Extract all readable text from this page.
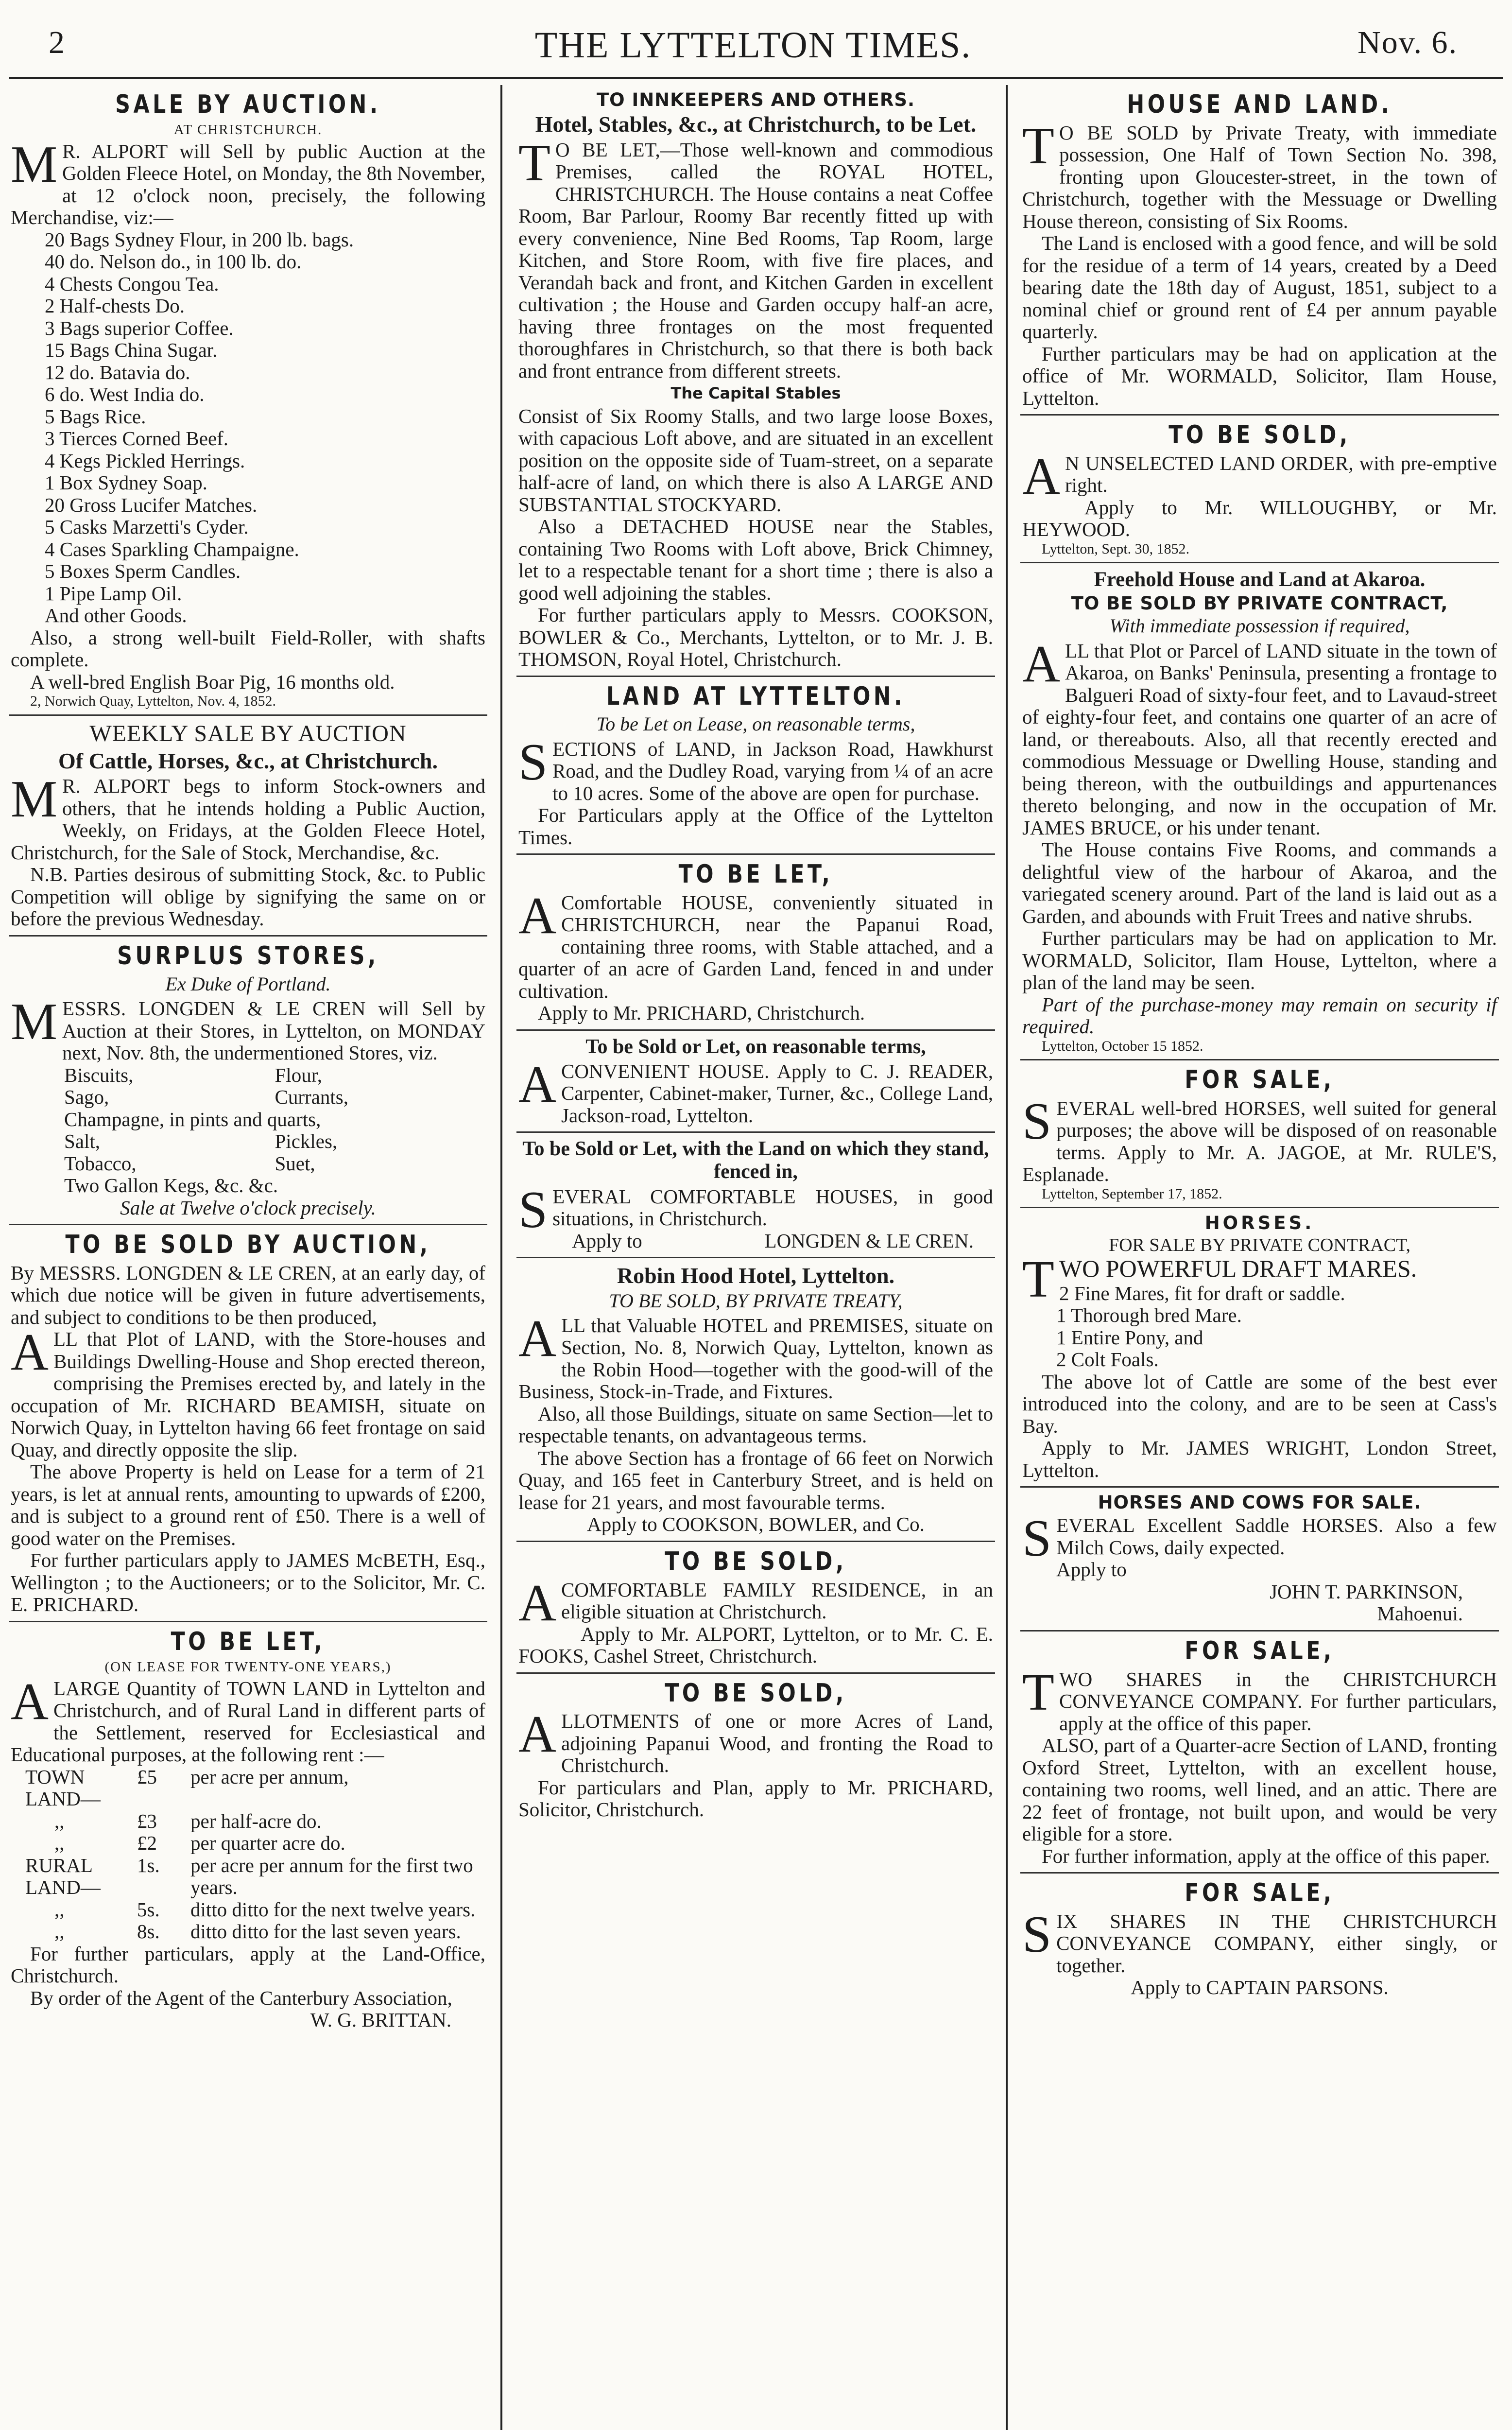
2	THE LYTTELTON TIMES.	Nov. 6.
SALE BY AUCTION.
AT CHRISTCHURCH.

M R. ALPORT will Sell by public Auction at the Golden Fleece Hotel, on Monday, the 8th November, at 12 o'clock noon, precisely, the following Merchandise, viz:—

20 Bags Sydney Flour, in 200 lb. bags.
40 do. Nelson do., in 100 lb. do.
4 Chests Congou Tea.
2 Half-chests Do.
3 Bags superior Coffee.
15 Bags China Sugar.
12 do. Batavia do.
6 do. West India do.
5 Bags Rice.
3 Tierces Corned Beef.
4 Kegs Pickled Herrings.
1 Box Sydney Soap.
20 Gross Lucifer Matches.
5 Casks Marzetti's Cyder.
4 Cases Sparkling Champaigne.
5 Boxes Sperm Candles.
1 Pipe Lamp Oil.
And other Goods.

Also, a strong well-built Field-Roller, with shafts complete.

A well-bred English Boar Pig, 16 months old.

2, Norwich Quay, Lyttelton, Nov. 4, 1852.

WEEKLY SALE BY AUCTION
Of Cattle, Horses, &c., at Christchurch.

M R. ALPORT begs to inform Stock-owners and others, that he intends holding a Public Auction, Weekly, on Fridays, at the Golden Fleece Hotel, Christchurch, for the Sale of Stock, Merchandise, &c.

N.B. Parties desirous of submitting Stock, &c. to Public Competition will oblige by signifying the same on or before the previous Wednesday.

SURPLUS STORES,
Ex Duke of Portland.

MESSRS. LONGDEN & LE CREN will Sell by Auction at their Stores, in Lyttelton, on MONDAY next, Nov. 8th, the undermentioned Stores, viz.

Biscuits,	Flour,
Sago,	Currants,
Champagne, in pints and quarts,
Salt,	Pickles,
Tobacco,	Suet,
Two Gallon Kegs, &c. &c.
Sale at Twelve o'clock precisely.
TO BE SOLD BY AUCTION,

By MESSRS. LONGDEN & LE CREN, at an early day, of which due notice will be given in future advertisements, and subject to conditions to be then produced,

ALL that Plot of LAND, with the Store-houses and Buildings Dwelling-House and Shop erected thereon, comprising the Premises erected by, and lately in the occupation of Mr. RICHARD BEAMISH, situate on Norwich Quay, in Lyttelton having 66 feet frontage on said Quay, and directly opposite the slip.

The above Property is held on Lease for a term of 21 years, is let at annual rents, amounting to upwards of £200, and is subject to a ground rent of £50. There is a well of good water on the Premises.

For further particulars apply to JAMES McBETH, Esq., Wellington ; to the Auctioneers; or to the Solicitor, Mr. C. E. PRICHARD.

TO BE LET,
(ON LEASE FOR TWENTY-ONE YEARS,)

ALARGE Quantity of TOWN LAND in Lyttelton and Christchurch, and of Rural Land in different parts of the Settlement, reserved for Ecclesiastical and Educational purposes, at the following rent :—

TOWN LAND—
£5	per acre per annum,
,,	£3	per half-acre do.
,,	£2	per quarter acre do.
RURAL LAND—
1s.	per acre per annum for the first two years.
,,	5s.	ditto ditto for the next twelve years.
,,	8s.	ditto ditto for the last seven years.

For further particulars, apply at the Land-Office, Christchurch.

By order of the Agent of the Canterbury Association,

W. G. BRITTAN.
TO INNKEEPERS AND OTHERS.
Hotel, Stables, &c., at Christchurch, to be Let.

T O BE LET,—Those well-known and commodious Premises, called the ROYAL HOTEL, CHRISTCHURCH. The House contains a neat Coffee Room, Bar Parlour, Roomy Bar recently fitted up with every convenience, Nine Bed Rooms, Tap Room, large Kitchen, and Store Room, with five fire places, and Verandah back and front, and Kitchen Garden in excellent cultivation ; the House and Garden occupy half-an acre, having three frontages on the most frequented thoroughfares in Christchurch, so that there is both back and front entrance from different streets.

The Capital Stables

Consist of Six Roomy Stalls, and two large loose Boxes, with capacious Loft above, and are situated in an excellent position on the opposite side of Tuam-street, on a separate half-acre of land, on which there is also A LARGE AND SUBSTANTIAL STOCKYARD.

Also a DETACHED HOUSE near the Stables, containing Two Rooms with Loft above, Brick Chimney, let to a respectable tenant for a short time ; there is also a good well adjoining the stables.

For further particulars apply to Messrs. COOKSON, BOWLER & Co., Merchants, Lyttelton, or to Mr. J. B. THOMSON, Royal Hotel, Christchurch.

LAND AT LYTTELTON.
To be Let on Lease, on reasonable terms,

SECTIONS of LAND, in Jackson Road, Hawkhurst Road, and the Dudley Road, varying from ¼ of an acre to 10 acres. Some of the above are open for purchase.

For Particulars apply at the Office of the Lyttelton Times.

TO BE LET,

A Comfortable HOUSE, conveniently situated in CHRISTCHURCH, near the Papanui Road, containing three rooms, with Stable attached, and a quarter of an acre of Garden Land, fenced in and under cultivation.

Apply to Mr. PRICHARD, Christchurch.

To be Sold or Let, on reasonable terms,

ACONVENIENT HOUSE. Apply to C. J. READER, Carpenter, Cabinet-maker, Turner, &c., College Land, Jackson-road, Lyttelton.

To be Sold or Let, with the Land on which they stand, fenced in,

SEVERAL COMFORTABLE HOUSES, in good situations, in Christchurch.

Apply to	LONGDEN & LE CREN.
Robin Hood Hotel, Lyttelton.
TO BE SOLD, BY PRIVATE TREATY,

ALL that Valuable HOTEL and PREMISES, situate on Section, No. 8, Norwich Quay, Lyttelton, known as the Robin Hood—together with the good-will of the Business, Stock-in-Trade, and Fixtures.

Also, all those Buildings, situate on same Section—let to respectable tenants, on advantageous terms.

The above Section has a frontage of 66 feet on Norwich Quay, and 165 feet in Canterbury Street, and is held on lease for 21 years, and most favourable terms.

Apply to COOKSON, BOWLER, and Co.
TO BE SOLD,

ACOMFORTABLE FAMILY RESIDENCE, in an eligible situation at Christchurch.

Apply to Mr. ALPORT, Lyttelton, or to Mr. C. E. FOOKS, Cashel Street, Christchurch.

TO BE SOLD,

ALLOTMENTS of one or more Acres of Land, adjoining Papanui Wood, and fronting the Road to Christchurch.

For particulars and Plan, apply to Mr. PRICHARD, Solicitor, Christchurch.

HOUSE AND LAND.

T O BE SOLD by Private Treaty, with immediate possession, One Half of Town Section No. 398, fronting upon Gloucester-street, in the town of Christchurch, together with the Messuage or Dwelling House thereon, consisting of Six Rooms.

The Land is enclosed with a good fence, and will be sold for the residue of a term of 14 years, created by a Deed bearing date the 18th day of August, 1851, subject to a nominal chief or ground rent of £4 per annum payable quarterly.

Further particulars may be had on application at the office of Mr. WORMALD, Solicitor, Ilam House, Lyttelton.

TO BE SOLD,

A N UNSELECTED LAND ORDER, with pre-emptive right.

Apply to Mr. WILLOUGHBY, or Mr. HEYWOOD.

Lyttelton, Sept. 30, 1852.

Freehold House and Land at Akaroa.
TO BE SOLD BY PRIVATE CONTRACT,
With immediate possession if required,

ALL that Plot or Parcel of LAND situate in the town of Akaroa, on Banks' Peninsula, presenting a frontage to Balgueri Road of sixty-four feet, and to Lavaud-street of eighty-four feet, and contains one quarter of an acre of land, or thereabouts. Also, all that recently erected and commodious Messuage or Dwelling House, standing and being thereon, with the outbuildings and appurtenances thereto belonging, and now in the occupation of Mr. JAMES BRUCE, or his under tenant.

The House contains Five Rooms, and commands a delightful view of the harbour of Akaroa, and the variegated scenery around. Part of the land is laid out as a Garden, and abounds with Fruit Trees and native shrubs.

Further particulars may be had on application to Mr. WORMALD, Solicitor, Ilam House, Lyttelton, where a plan of the land may be seen.

Part of the purchase-money may remain on security if required.

Lyttelton, October 15 1852.

FOR SALE,

SEVERAL well-bred HORSES, well suited for general purposes; the above will be disposed of on reasonable terms. Apply to Mr. A. JAGOE, at Mr. RULE'S, Esplanade.

Lyttelton, September 17, 1852.

HORSES.
FOR SALE BY PRIVATE CONTRACT,

TWO POWERFUL DRAFT MARES.

2 Fine Mares, fit for draft or saddle.
1 Thorough bred Mare.
1 Entire Pony, and
2 Colt Foals.

The above lot of Cattle are some of the best ever introduced into the colony, and are to be seen at Cass's Bay.

Apply to Mr. JAMES WRIGHT, London Street, Lyttelton.

HORSES AND COWS FOR SALE.

SEVERAL Excellent Saddle HORSES. Also a few Milch Cows, daily expected.

Apply to
JOHN T. PARKINSON,
Mahoenui.
FOR SALE,

TWO SHARES in the CHRISTCHURCH CONVEYANCE COMPANY. For further particulars, apply at the office of this paper.

ALSO, part of a Quarter-acre Section of LAND, fronting Oxford Street, Lyttelton, with an excellent house, containing two rooms, well lined, and an attic. There are 22 feet of frontage, not built upon, and would be very eligible for a store.

For further information, apply at the office of this paper.

FOR SALE,

SIX SHARES IN THE CHRISTCHURCH CONVEYANCE COMPANY, either singly, or together.

Apply to CAPTAIN PARSONS.
